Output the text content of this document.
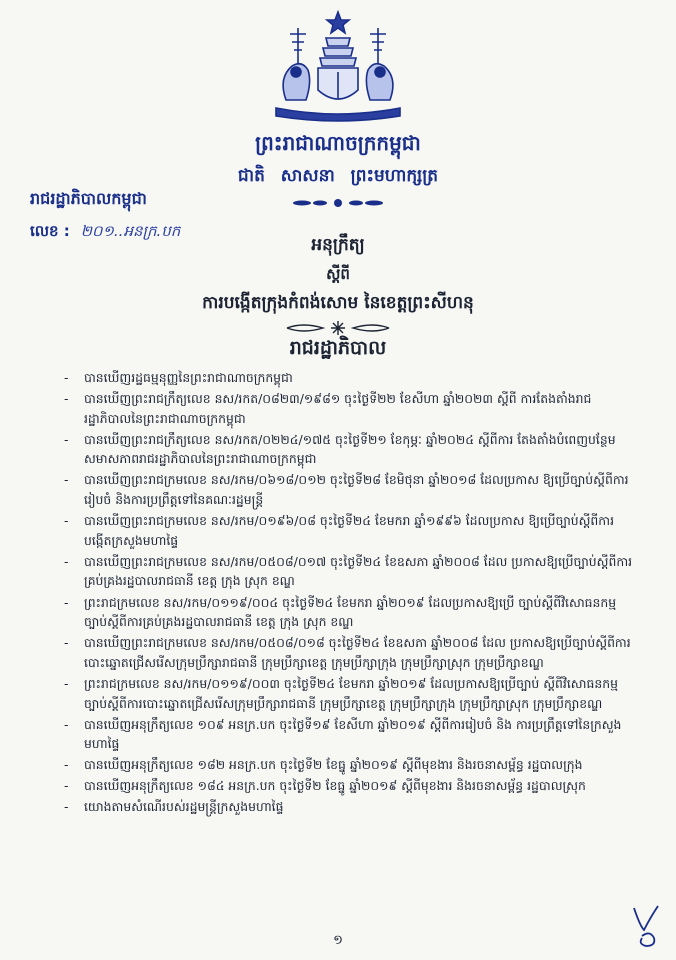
ព្រះរាជាណាចក្រកម្ពុជា
ជាតិ សាសនា ព្រះមហាក្សត្រ
រាជរដ្ឋាភិបាលកម្ពុជា
លេខ : ២០១..អនក្រ.បក
អនុក្រឹត្យ
ស្តីពី
ការបង្កើតក្រុងកំពង់សោម នៃខេត្តព្រះសីហនុ
រាជរដ្ឋាភិបាល
- បានឃើញរដ្ឋធម្មនុញ្ញនៃព្រះរាជាណាចក្រកម្ពុជា
- បានឃើញព្រះរាជក្រឹត្យលេខ នស/រកត/០៨២៣/១៩៨១ ចុះថ្ងៃទី២២ ខែសីហា ឆ្នាំ២០២៣ ស្តីពី ការតែងតាំងរាជរដ្ឋាភិបាលនៃព្រះរាជាណាចក្រកម្ពុជា
- បានឃើញព្រះរាជក្រឹត្យលេខ នស/រកត/០២២៤/១៧៥ ចុះថ្ងៃទី២១ ខែកុម្ភៈ ឆ្នាំ២០២៤ ស្តីពីការ តែងតាំងបំពេញបន្ថែមសមាសភាពរាជរដ្ឋាភិបាលនៃព្រះរាជាណាចក្រកម្ពុជា
- បានឃើញព្រះរាជក្រមលេខ នស/រកម/០៦១៨/០១២ ចុះថ្ងៃទី២៨ ខែមិថុនា ឆ្នាំ២០១៨ ដែលប្រកាស ឱ្យប្រើច្បាប់ស្តីពីការរៀបចំ និងការប្រព្រឹត្តទៅនៃគណៈរដ្ឋមន្ត្រី
- បានឃើញព្រះរាជក្រមលេខ នស/រកម/០១៩៦/០៨ ចុះថ្ងៃទី២៤ ខែមករា ឆ្នាំ១៩៩៦ ដែលប្រកាស ឱ្យប្រើច្បាប់ស្តីពីការបង្កើតក្រសួងមហាផ្ទៃ
- បានឃើញព្រះរាជក្រមលេខ នស/រកម/០៥០៨/០១៧ ចុះថ្ងៃទី២៤ ខែឧសភា ឆ្នាំ២០០៨ ដែល ប្រកាសឱ្យប្រើច្បាប់ស្តីពីការគ្រប់គ្រងរដ្ឋបាលរាជធានី ខេត្ត ក្រុង ស្រុក ខណ្ឌ
- ព្រះរាជក្រមលេខ នស/រកម/០១១៩/០០៤ ចុះថ្ងៃទី២៤ ខែមករា ឆ្នាំ២០១៩ ដែលប្រកាសឱ្យប្រើ ច្បាប់ស្តីពីវិសោធនកម្មច្បាប់ស្តីពីការគ្រប់គ្រងរដ្ឋបាលរាជធានី ខេត្ត ក្រុង ស្រុក ខណ្ឌ
- បានឃើញព្រះរាជក្រមលេខ នស/រកម/០៥០៨/០១៨ ចុះថ្ងៃទី២៤ ខែឧសភា ឆ្នាំ២០០៨ ដែល ប្រកាសឱ្យប្រើច្បាប់ស្តីពីការបោះឆ្នោតជ្រើសរើសក្រុមប្រឹក្សារាជធានី ក្រុមប្រឹក្សាខេត្ត ក្រុមប្រឹក្សាក្រុង ក្រុមប្រឹក្សាស្រុក ក្រុមប្រឹក្សាខណ្ឌ
- ព្រះរាជក្រមលេខ នស/រកម/០១១៩/០០៣ ចុះថ្ងៃទី២៤ ខែមករា ឆ្នាំ២០១៩ ដែលប្រកាសឱ្យប្រើច្បាប់ ស្តីពីវិសោធនកម្មច្បាប់ស្តីពីការបោះឆ្នោតជ្រើសរើសក្រុមប្រឹក្សារាជធានី ក្រុមប្រឹក្សាខេត្ត ក្រុមប្រឹក្សាក្រុង ក្រុមប្រឹក្សាស្រុក ក្រុមប្រឹក្សាខណ្ឌ
- បានឃើញអនុក្រឹត្យលេខ ១០៩ អនក្រ.បក ចុះថ្ងៃទី១៩ ខែសីហា ឆ្នាំ២០១៩ ស្តីពីការរៀបចំ និង ការប្រព្រឹត្តទៅនៃក្រសួងមហាផ្ទៃ
- បានឃើញអនុក្រឹត្យលេខ ១៨២ អនក្រ.បក ចុះថ្ងៃទី២ ខែធ្នូ ឆ្នាំ២០១៩ ស្តីពីមុខងារ និងរចនាសម្ព័ន្ធ រដ្ឋបាលក្រុង
- បានឃើញអនុក្រឹត្យលេខ ១៨៤ អនក្រ.បក ចុះថ្ងៃទី២ ខែធ្នូ ឆ្នាំ២០១៩ ស្តីពីមុខងារ និងរចនាសម្ព័ន្ធ រដ្ឋបាលស្រុក
- យោងតាមសំណើរបស់រដ្ឋមន្ត្រីក្រសួងមហាផ្ទៃ
១
